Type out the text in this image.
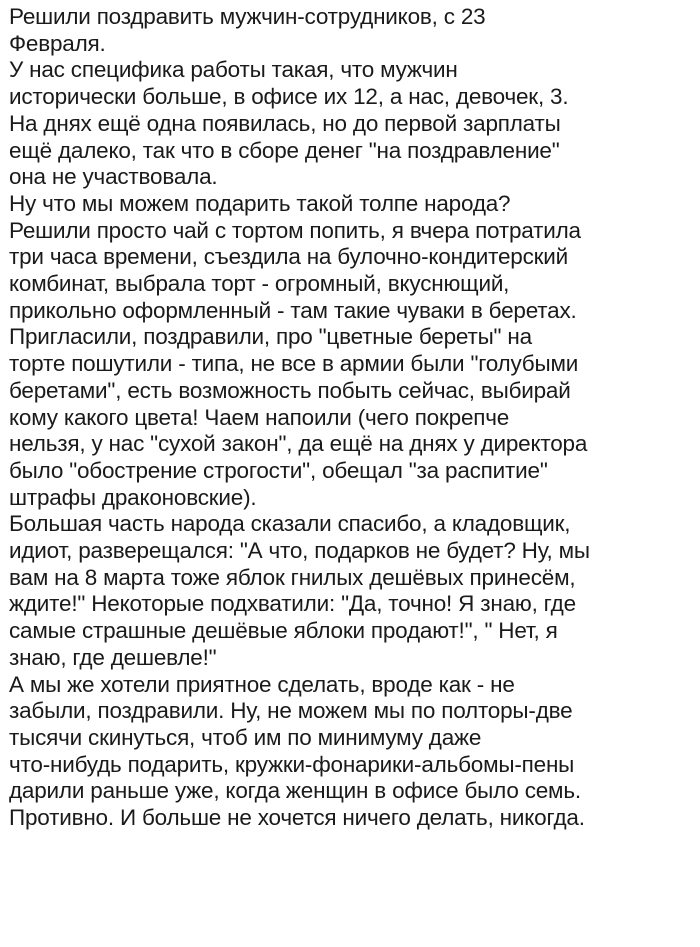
Решили поздравить мужчин-сотрудников, с 23
Февраля.
У нас специфика работы такая, что мужчин
исторически больше, в офисе их 12, а нас, девочек, 3.
На днях ещё одна появилась, но до первой зарплаты
ещё далеко, так что в сборе денег "на поздравление"
она не участвовала.
Ну что мы можем подарить такой толпе народа?
Решили просто чай с тортом попить, я вчера потратила
три часа времени, съездила на булочно-кондитерский
комбинат, выбрала торт - огромный, вкуснющий,
прикольно оформленный - там такие чуваки в беретах.
Пригласили, поздравили, про "цветные береты" на
торте пошутили - типа, не все в армии были "голубыми
беретами", есть возможность побыть сейчас, выбирай
кому какого цвета! Чаем напоили (чего покрепче
нельзя, у нас "сухой закон", да ещё на днях у директора
было "обострение строгости", обещал "за распитие"
штрафы драконовские).
Большая часть народа сказали спасибо, а кладовщик,
идиот, разверещался: "А что, подарков не будет? Ну, мы
вам на 8 марта тоже яблок гнилых дешёвых принесём,
ждите!" Некоторые подхватили: "Да, точно! Я знаю, где
самые страшные дешёвые яблоки продают!", " Нет, я
знаю, где дешевле!"
А мы же хотели приятное сделать, вроде как - не
забыли, поздравили. Ну, не можем мы по полторы-две
тысячи скинуться, чтоб им по минимуму даже
что-нибудь подарить, кружки-фонарики-альбомы-пены
дарили раньше уже, когда женщин в офисе было семь.
Противно. И больше не хочется ничего делать, никогда.
